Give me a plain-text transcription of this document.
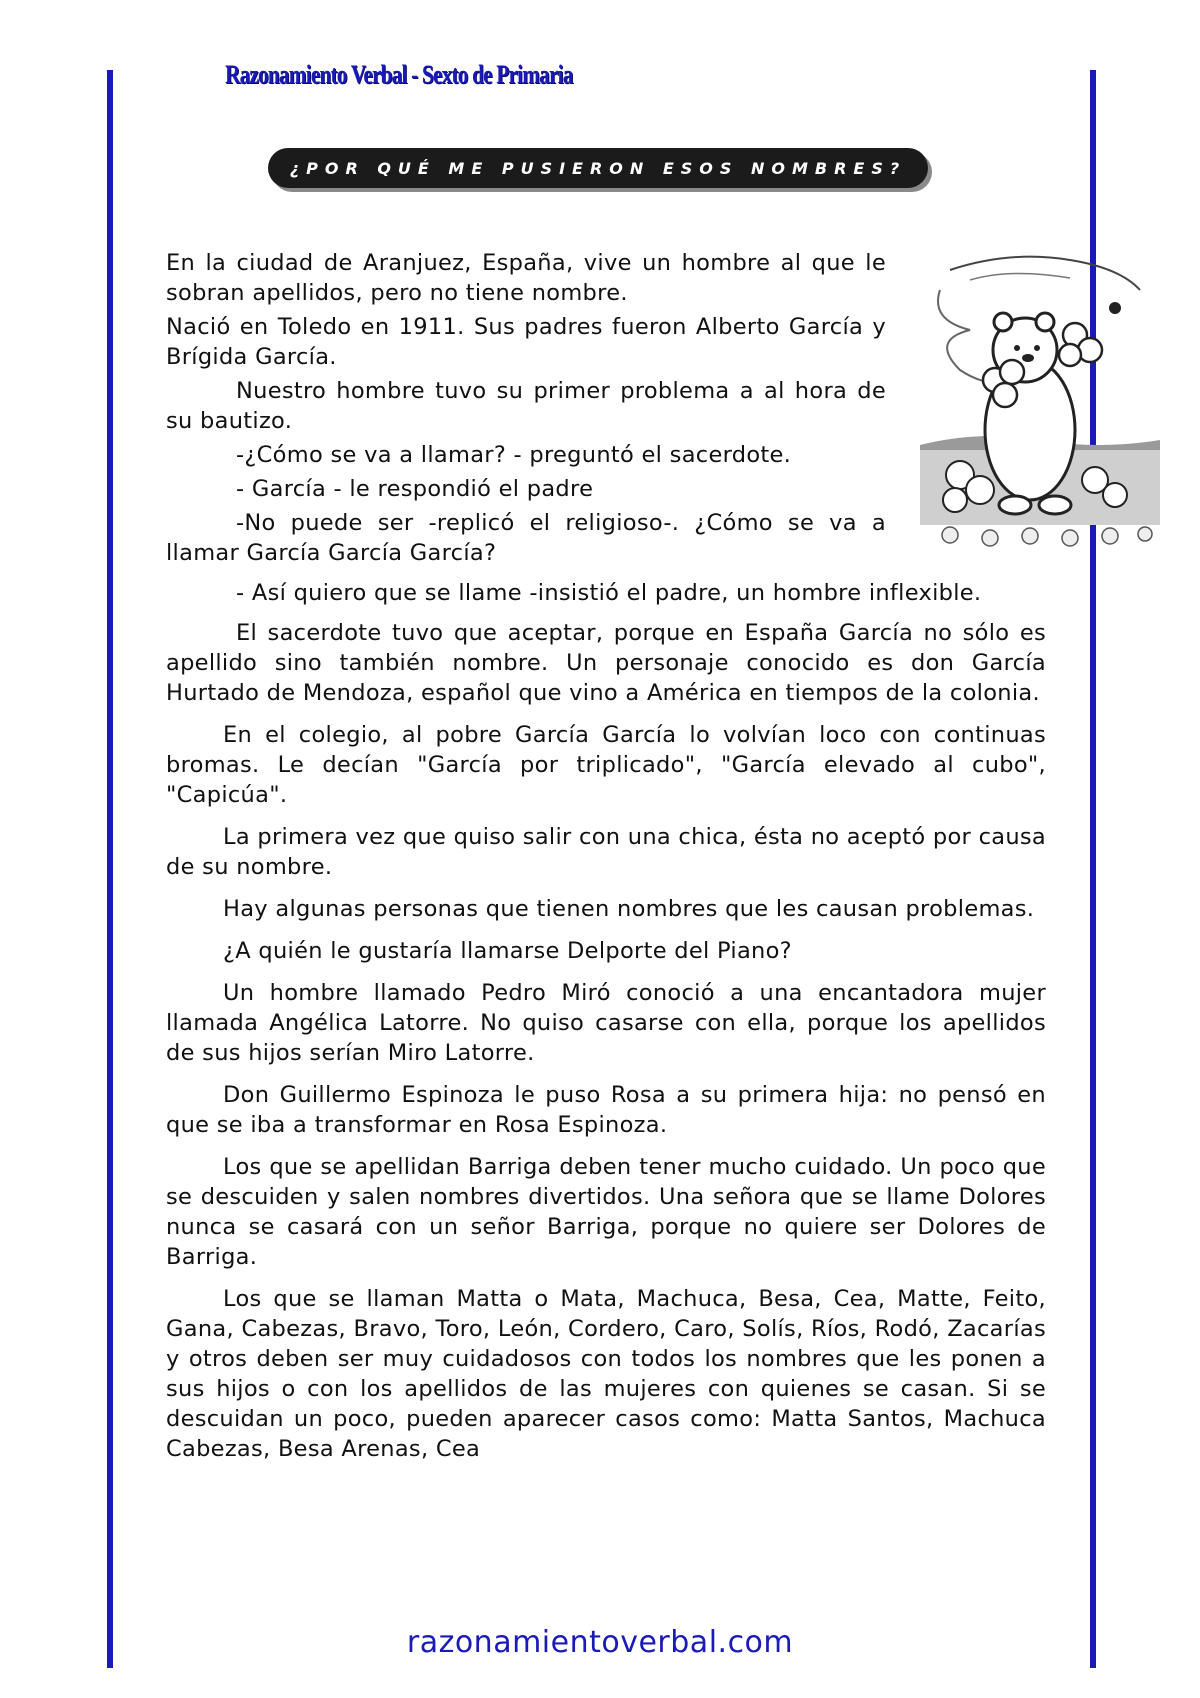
Razonamiento Verbal - Sexto de Primaria
¿POR QUÉ ME PUSIERON ESOS NOMBRES?

En la ciudad de Aranjuez, España, vive un hombre al que le sobran apellidos, pero no tiene nombre.

Nació en Toledo en 1911. Sus padres fueron Alberto García y Brígida García.

Nuestro hombre tuvo su primer problema a al hora de su bautizo.

-¿Cómo se va a llamar? - preguntó el sacerdote.

- García - le respondió el padre

-No puede ser -replicó el religioso-. ¿Cómo se va a llamar García García García?

- Así quiero que se llame -insistió el padre, un hombre inflexible.

El sacerdote tuvo que aceptar, porque en España García no sólo es apellido sino también nombre. Un personaje conocido es don García Hurtado de Mendoza, español que vino a América en tiempos de la colonia.

En el colegio, al pobre García García lo volvían loco con continuas bromas. Le decían "García por triplicado", "García elevado al cubo", "Capicúa".

La primera vez que quiso salir con una chica, ésta no aceptó por causa de su nombre.

Hay algunas personas que tienen nombres que les causan problemas.

¿A quién le gustaría llamarse Delporte del Piano?

Un hombre llamado Pedro Miró conoció a una encantadora mujer llamada Angélica Latorre. No quiso casarse con ella, porque los apellidos de sus hijos serían Miro Latorre.

Don Guillermo Espinoza le puso Rosa a su primera hija: no pensó en que se iba a transformar en Rosa Espinoza.

Los que se apellidan Barriga deben tener mucho cuidado. Un poco que se descuiden y salen nombres divertidos. Una señora que se llame Dolores nunca se casará con un señor Barriga, porque no quiere ser Dolores de Barriga.

Los que se llaman Matta o Mata, Machuca, Besa, Cea, Matte, Feito, Gana, Cabezas, Bravo, Toro, León, Cordero, Caro, Solís, Ríos, Rodó, Zacarías y otros deben ser muy cuidadosos con todos los nombres que les ponen a sus hijos o con los apellidos de las mujeres con quienes se casan. Si se descuidan un poco, pueden aparecer casos como: Matta Santos, Machuca Cabezas, Besa Arenas, Cea

razonamientoverbal.com
